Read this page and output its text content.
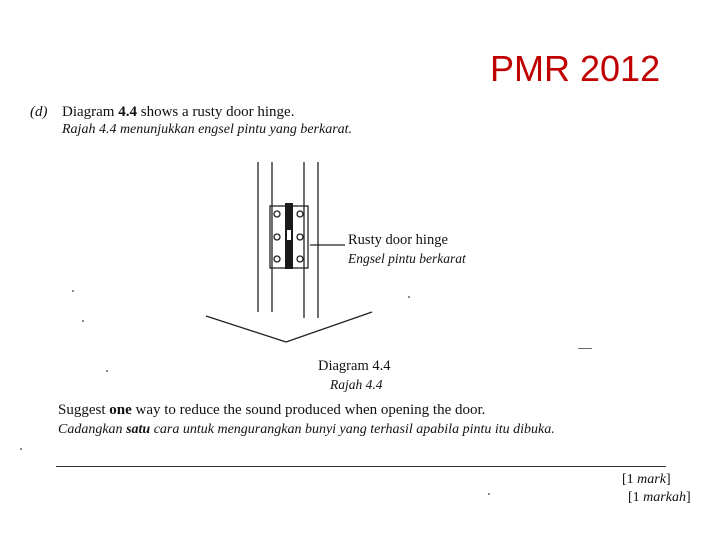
PMR 2012
(d) Diagram 4.4 shows a rusty door hinge.
Rajah 4.4 menunjukkan engsel pintu yang berkarat.
Rusty door hinge
Engsel pintu berkarat
Diagram 4.4
Rajah 4.4
Suggest one way to reduce the sound produced when opening the door.
Cadangkan satu cara untuk mengurangkan bunyi yang terhasil apabila pintu itu dibuka.
[1 mark]
[1 markah]
